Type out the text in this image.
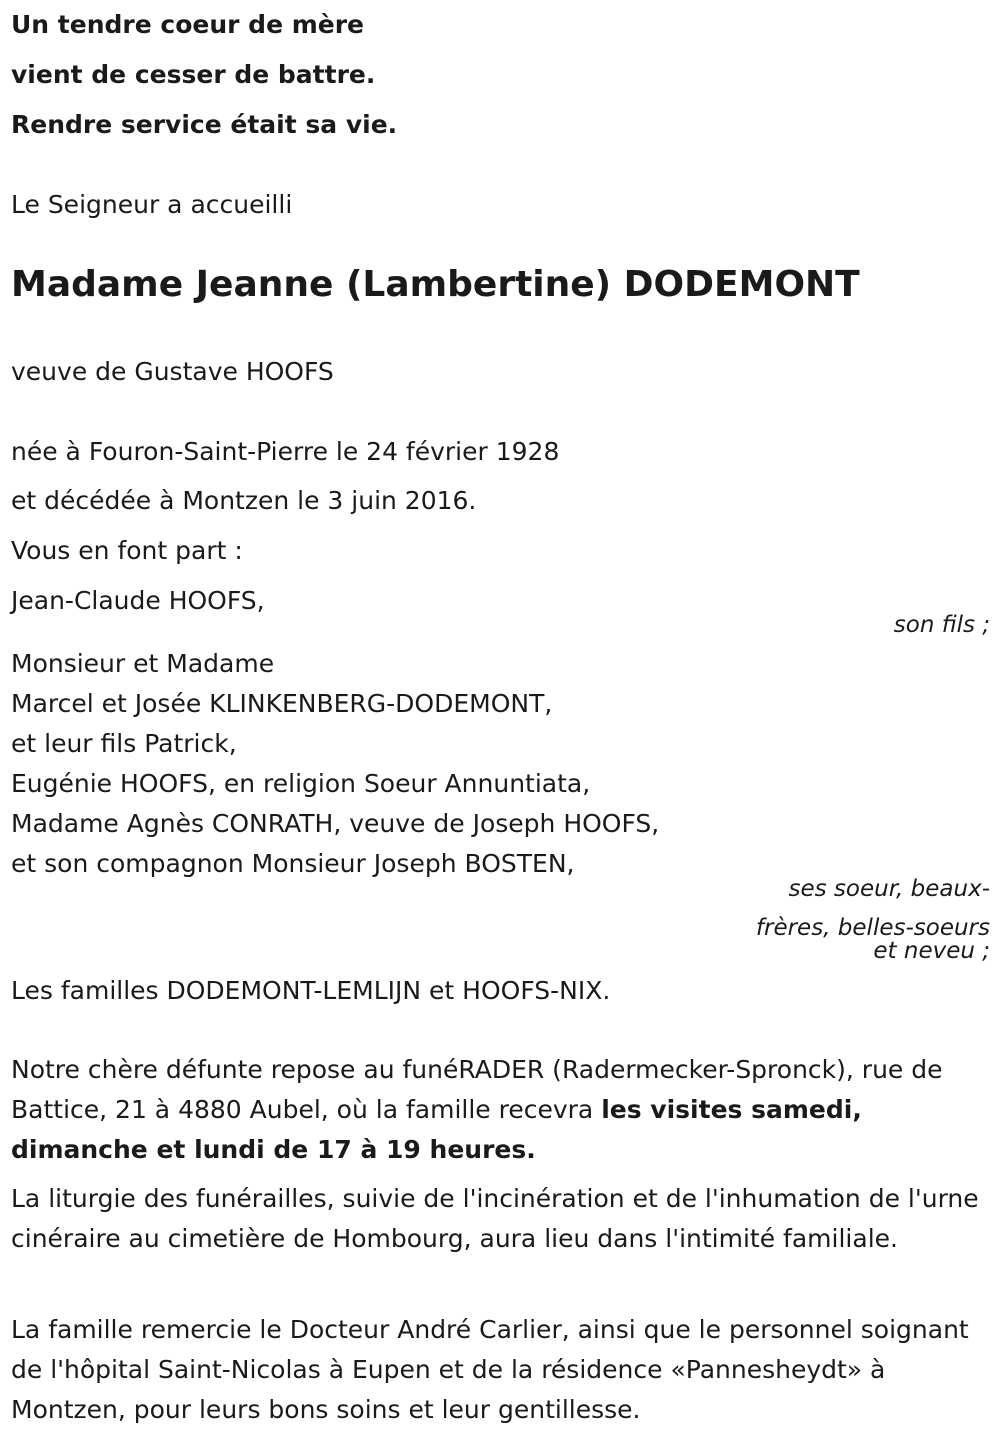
Un tendre coeur de mère
vient de cesser de battre.
Rendre service était sa vie.
Le Seigneur a accueilli
Madame Jeanne (Lambertine) DODEMONT
veuve de Gustave HOOFS
née à Fouron-Saint-Pierre le 24 février 1928
et décédée à Montzen le 3 juin 2016.
Vous en font part :
Jean-Claude HOOFS,
son fils ;
Monsieur et Madame
Marcel et Josée KLINKENBERG-DODEMONT,
et leur fils Patrick,
Eugénie HOOFS, en religion Soeur Annuntiata,
Madame Agnès CONRATH, veuve de Joseph HOOFS,
et son compagnon Monsieur Joseph BOSTEN,
ses soeur, beaux-
frères, belles-soeurs
et neveu ;
Les familles DODEMONT-LEMLIJN et HOOFS-NIX.
Notre chère défunte repose au funéRADER (Radermecker-Spronck), rue de Battice, 21 à 4880 Aubel, où la famille recevra les visites samedi, dimanche et lundi de 17 à 19 heures.
La liturgie des funérailles, suivie de l'incinération et de l'inhumation de l'urne cinéraire au cimetière de Hombourg, aura lieu dans l'intimité familiale.
La famille remercie le Docteur André Carlier, ainsi que le personnel soignant de l'hôpital Saint-Nicolas à Eupen et de la résidence «Pannesheydt» à Montzen, pour leurs bons soins et leur gentillesse.
